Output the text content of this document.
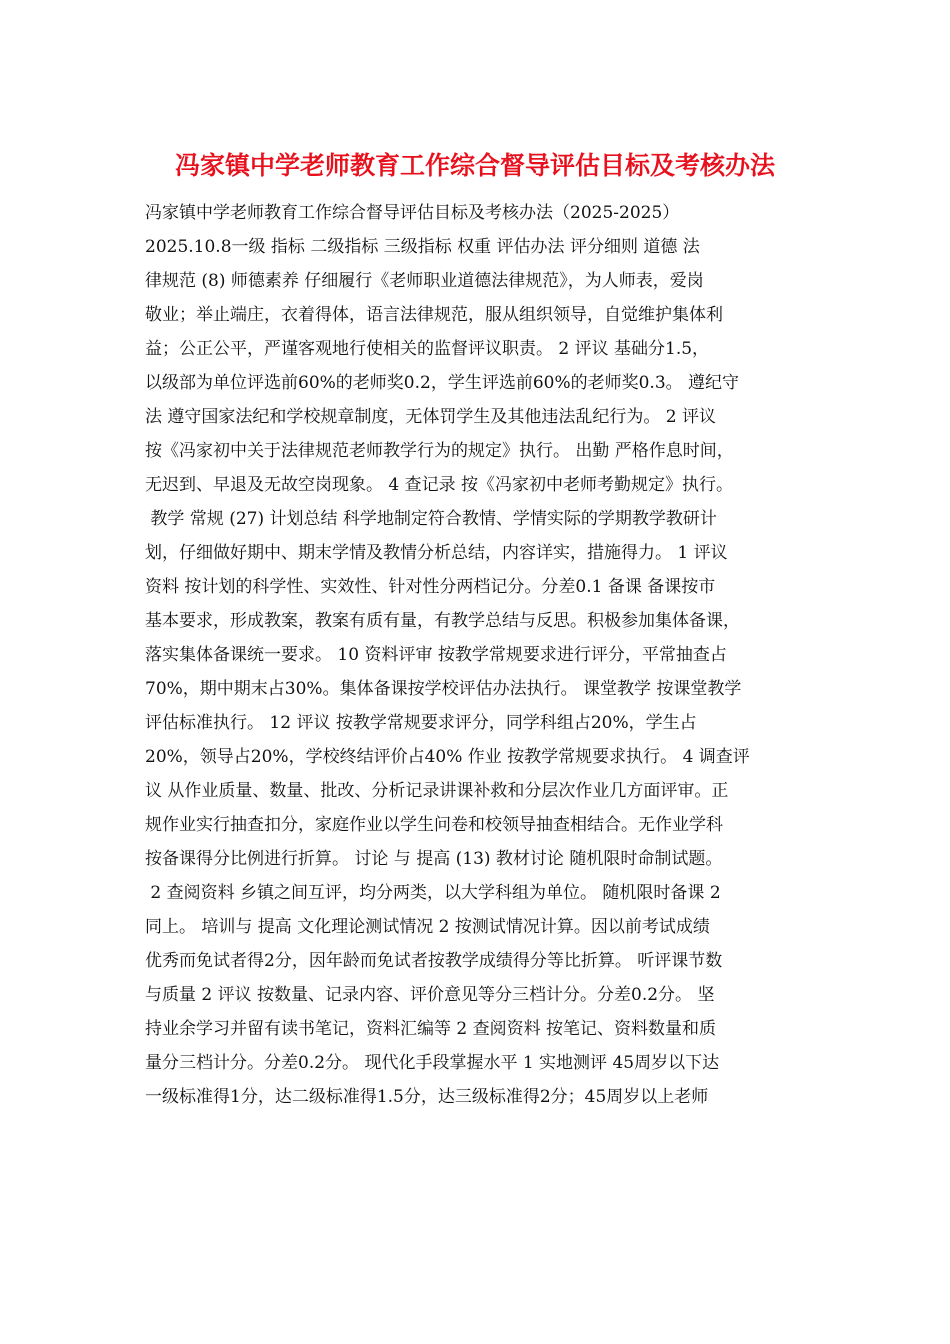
冯家镇中学老师教育工作综合督导评估目标及考核办法
冯家镇中学老师教育工作综合督导评估目标及考核办法（2025-2025）
2025.10.8一级 指标 二级指标 三级指标 权重 评估办法 评分细则 道德 法
律规范 (8) 师德素养 仔细履行《老师职业道德法律规范》，为人师表，爱岗
敬业；举止端庄，衣着得体，语言法律规范，服从组织领导，自觉维护集体利
益；公正公平，严谨客观地行使相关的监督评议职责。 2 评议 基础分1.5，
以级部为单位评选前60%的老师奖0.2，学生评选前60%的老师奖0.3。 遵纪守
法 遵守国家法纪和学校规章制度，无体罚学生及其他违法乱纪行为。 2 评议
按《冯家初中关于法律规范老师教学行为的规定》执行。 出勤 严格作息时间，
无迟到、早退及无故空岗现象。 4 查记录 按《冯家初中老师考勤规定》执行。
教学 常规 (27) 计划总结 科学地制定符合教情、学情实际的学期教学教研计
划，仔细做好期中、期末学情及教情分析总结，内容详实，措施得力。 1 评议
资料 按计划的科学性、实效性、针对性分两档记分。分差0.1 备课 备课按市
基本要求，形成教案，教案有质有量，有教学总结与反思。积极参加集体备课，
落实集体备课统一要求。 10 资料评审 按教学常规要求进行评分，平常抽查占
70%，期中期末占30%。集体备课按学校评估办法执行。 课堂教学 按课堂教学
评估标准执行。 12 评议 按教学常规要求评分，同学科组占20%，学生占
20%，领导占20%，学校终结评价占40% 作业 按教学常规要求执行。 4 调查评
议 从作业质量、数量、批改、分析记录讲课补救和分层次作业几方面评审。正
规作业实行抽查扣分，家庭作业以学生问卷和校领导抽查相结合。无作业学科
按备课得分比例进行折算。 讨论 与 提高 (13) 教材讨论 随机限时命制试题。
2 查阅资料 乡镇之间互评，均分两类，以大学科组为单位。 随机限时备课 2
同上。 培训与 提高 文化理论测试情况 2 按测试情况计算。因以前考试成绩
优秀而免试者得2分，因年龄而免试者按教学成绩得分等比折算。 听评课节数
与质量 2 评议 按数量、记录内容、评价意见等分三档计分。分差0.2分。 坚
持业余学习并留有读书笔记，资料汇编等 2 查阅资料 按笔记、资料数量和质
量分三档计分。分差0.2分。 现代化手段掌握水平 1 实地测评 45周岁以下达
一级标准得1分，达二级标准得1.5分，达三级标准得2分；45周岁以上老师
